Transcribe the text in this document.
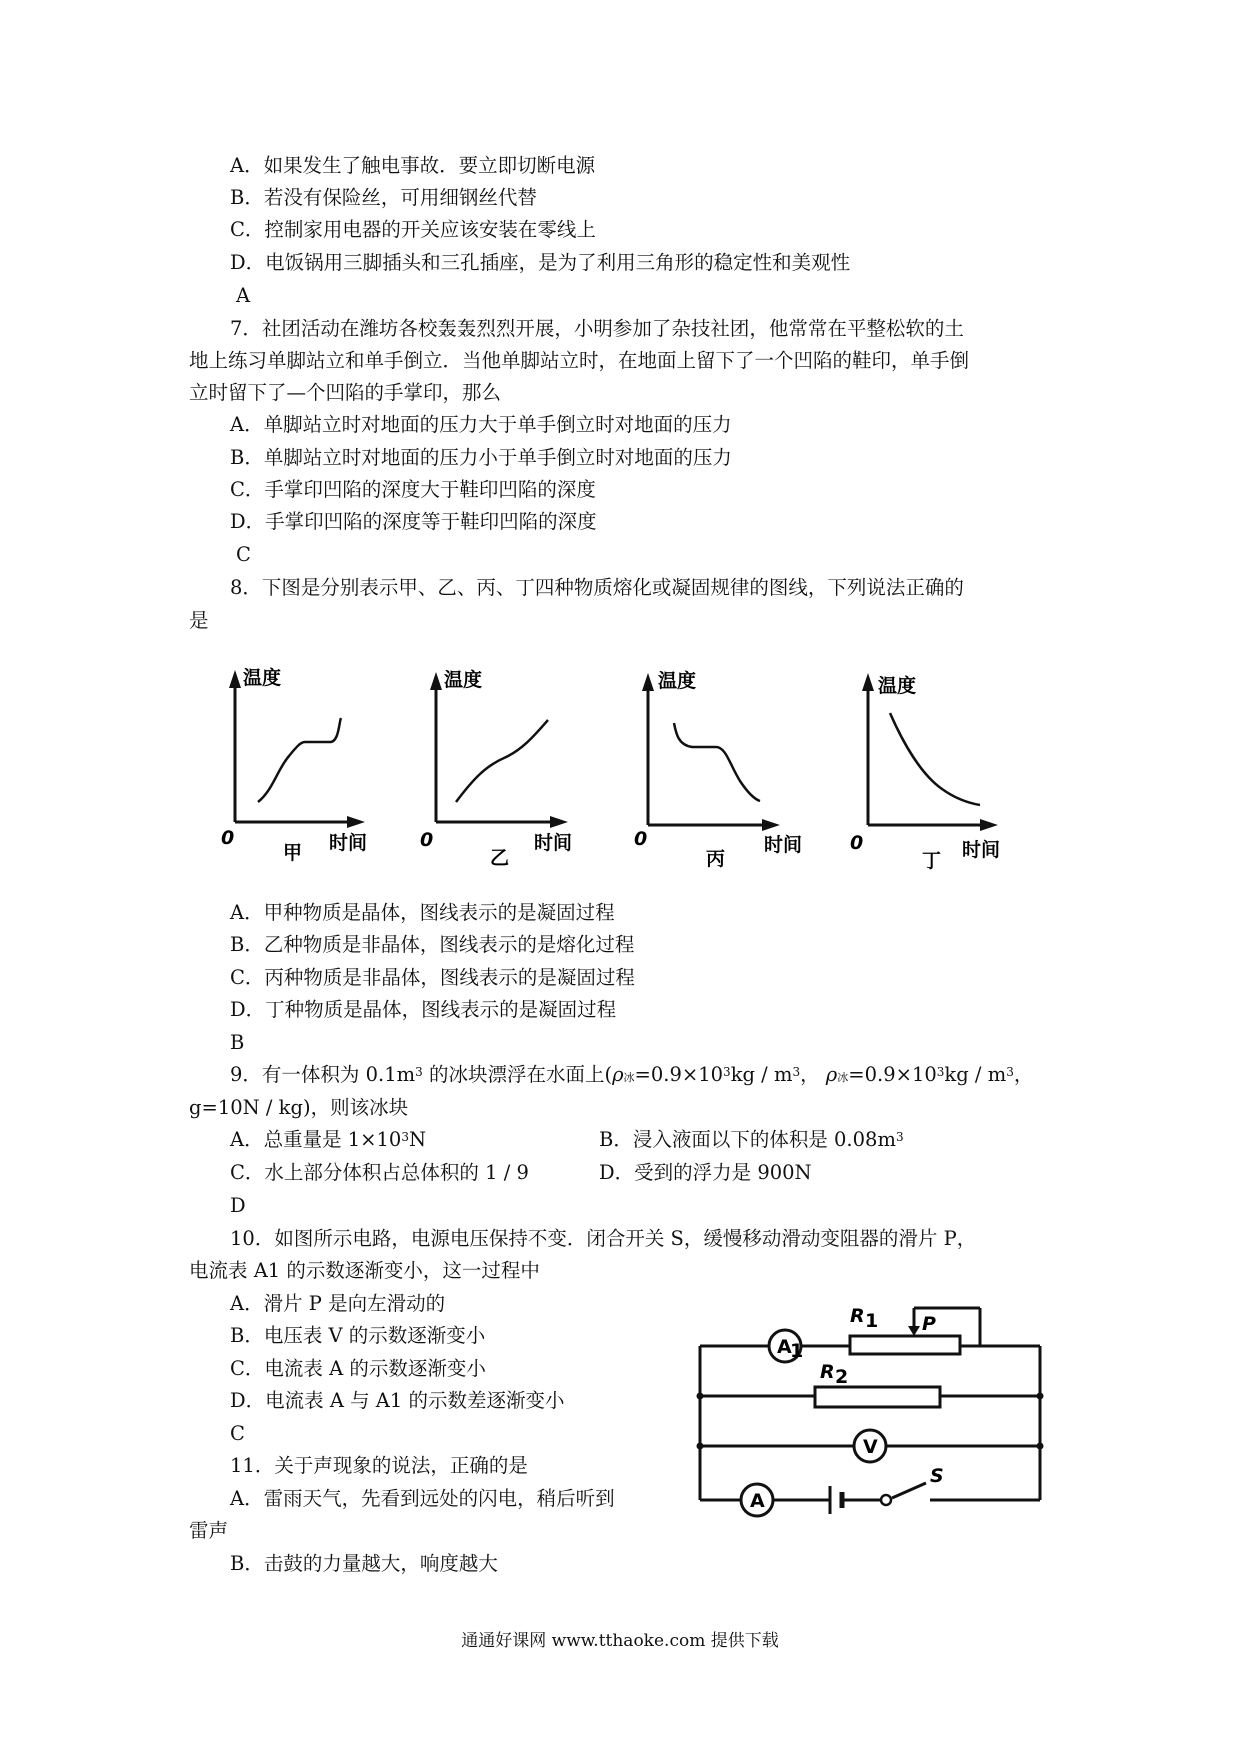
A．如果发生了触电事故．要立即切断电源
B．若没有保险丝，可用细钢丝代替
C．控制家用电器的开关应该安装在零线上
D．电饭锅用三脚插头和三孔插座，是为了利用三角形的稳定性和美观性
A
7．社团活动在潍坊各校轰轰烈烈开展，小明参加了杂技社团，他常常在平整松软的土
地上练习单脚站立和单手倒立．当他单脚站立时，在地面上留下了一个凹陷的鞋印，单手倒
立时留下了—个凹陷的手掌印，那么
A．单脚站立时对地面的压力大于单手倒立时对地面的压力
B．单脚站立时对地面的压力小于单手倒立时对地面的压力
C．手掌印凹陷的深度大于鞋印凹陷的深度
D．手掌印凹陷的深度等于鞋印凹陷的深度
C
8．下图是分别表示甲、乙、丙、丁四种物质熔化或凝固规律的图线，下列说法正确的
是
温度
时间
0
甲
温度
时间
0
乙
温度
时间
0
丙
温度
时间
0
丁
A．甲种物质是晶体，图线表示的是凝固过程
B．乙种物质是非晶体，图线表示的是熔化过程
C．丙种物质是非晶体，图线表示的是凝固过程
D．丁种物质是晶体，图线表示的是凝固过程
B
9．有一体积为 $0.1m^3$ 的冰块漂浮在水面上(ρ冰$=0.9\times 10^3kg / m^3$， ρ冰$=0.9\times 10^3kg / m^3$，
g=10N / kg)，则该冰块
A．总重量是 $1\times 10^3N$	B．浸入液面以下的体积是 $0.08m^3$
C．水上部分体积占总体积的 1 / 9	D．受到的浮力是 900N
D
10．如图所示电路，电源电压保持不变．闭合开关 S，缓慢移动滑动变阻器的滑片 P，
电流表 A1 的示数逐渐变小，这一过程中
A．滑片 P 是向左滑动的
B．电压表 V 的示数逐渐变小
C．电流表 A 的示数逐渐变小
D．电流表 A 与 A1 的示数差逐渐变小
C
A
1
V
A
R 1 P
R 2
S
11．关于声现象的说法，正确的是
A．雷雨天气，先看到远处的闪电，稍后听到
雷声
B．击鼓的力量越大，响度越大
通通好课网 www.tthaoke.com 提供下载
